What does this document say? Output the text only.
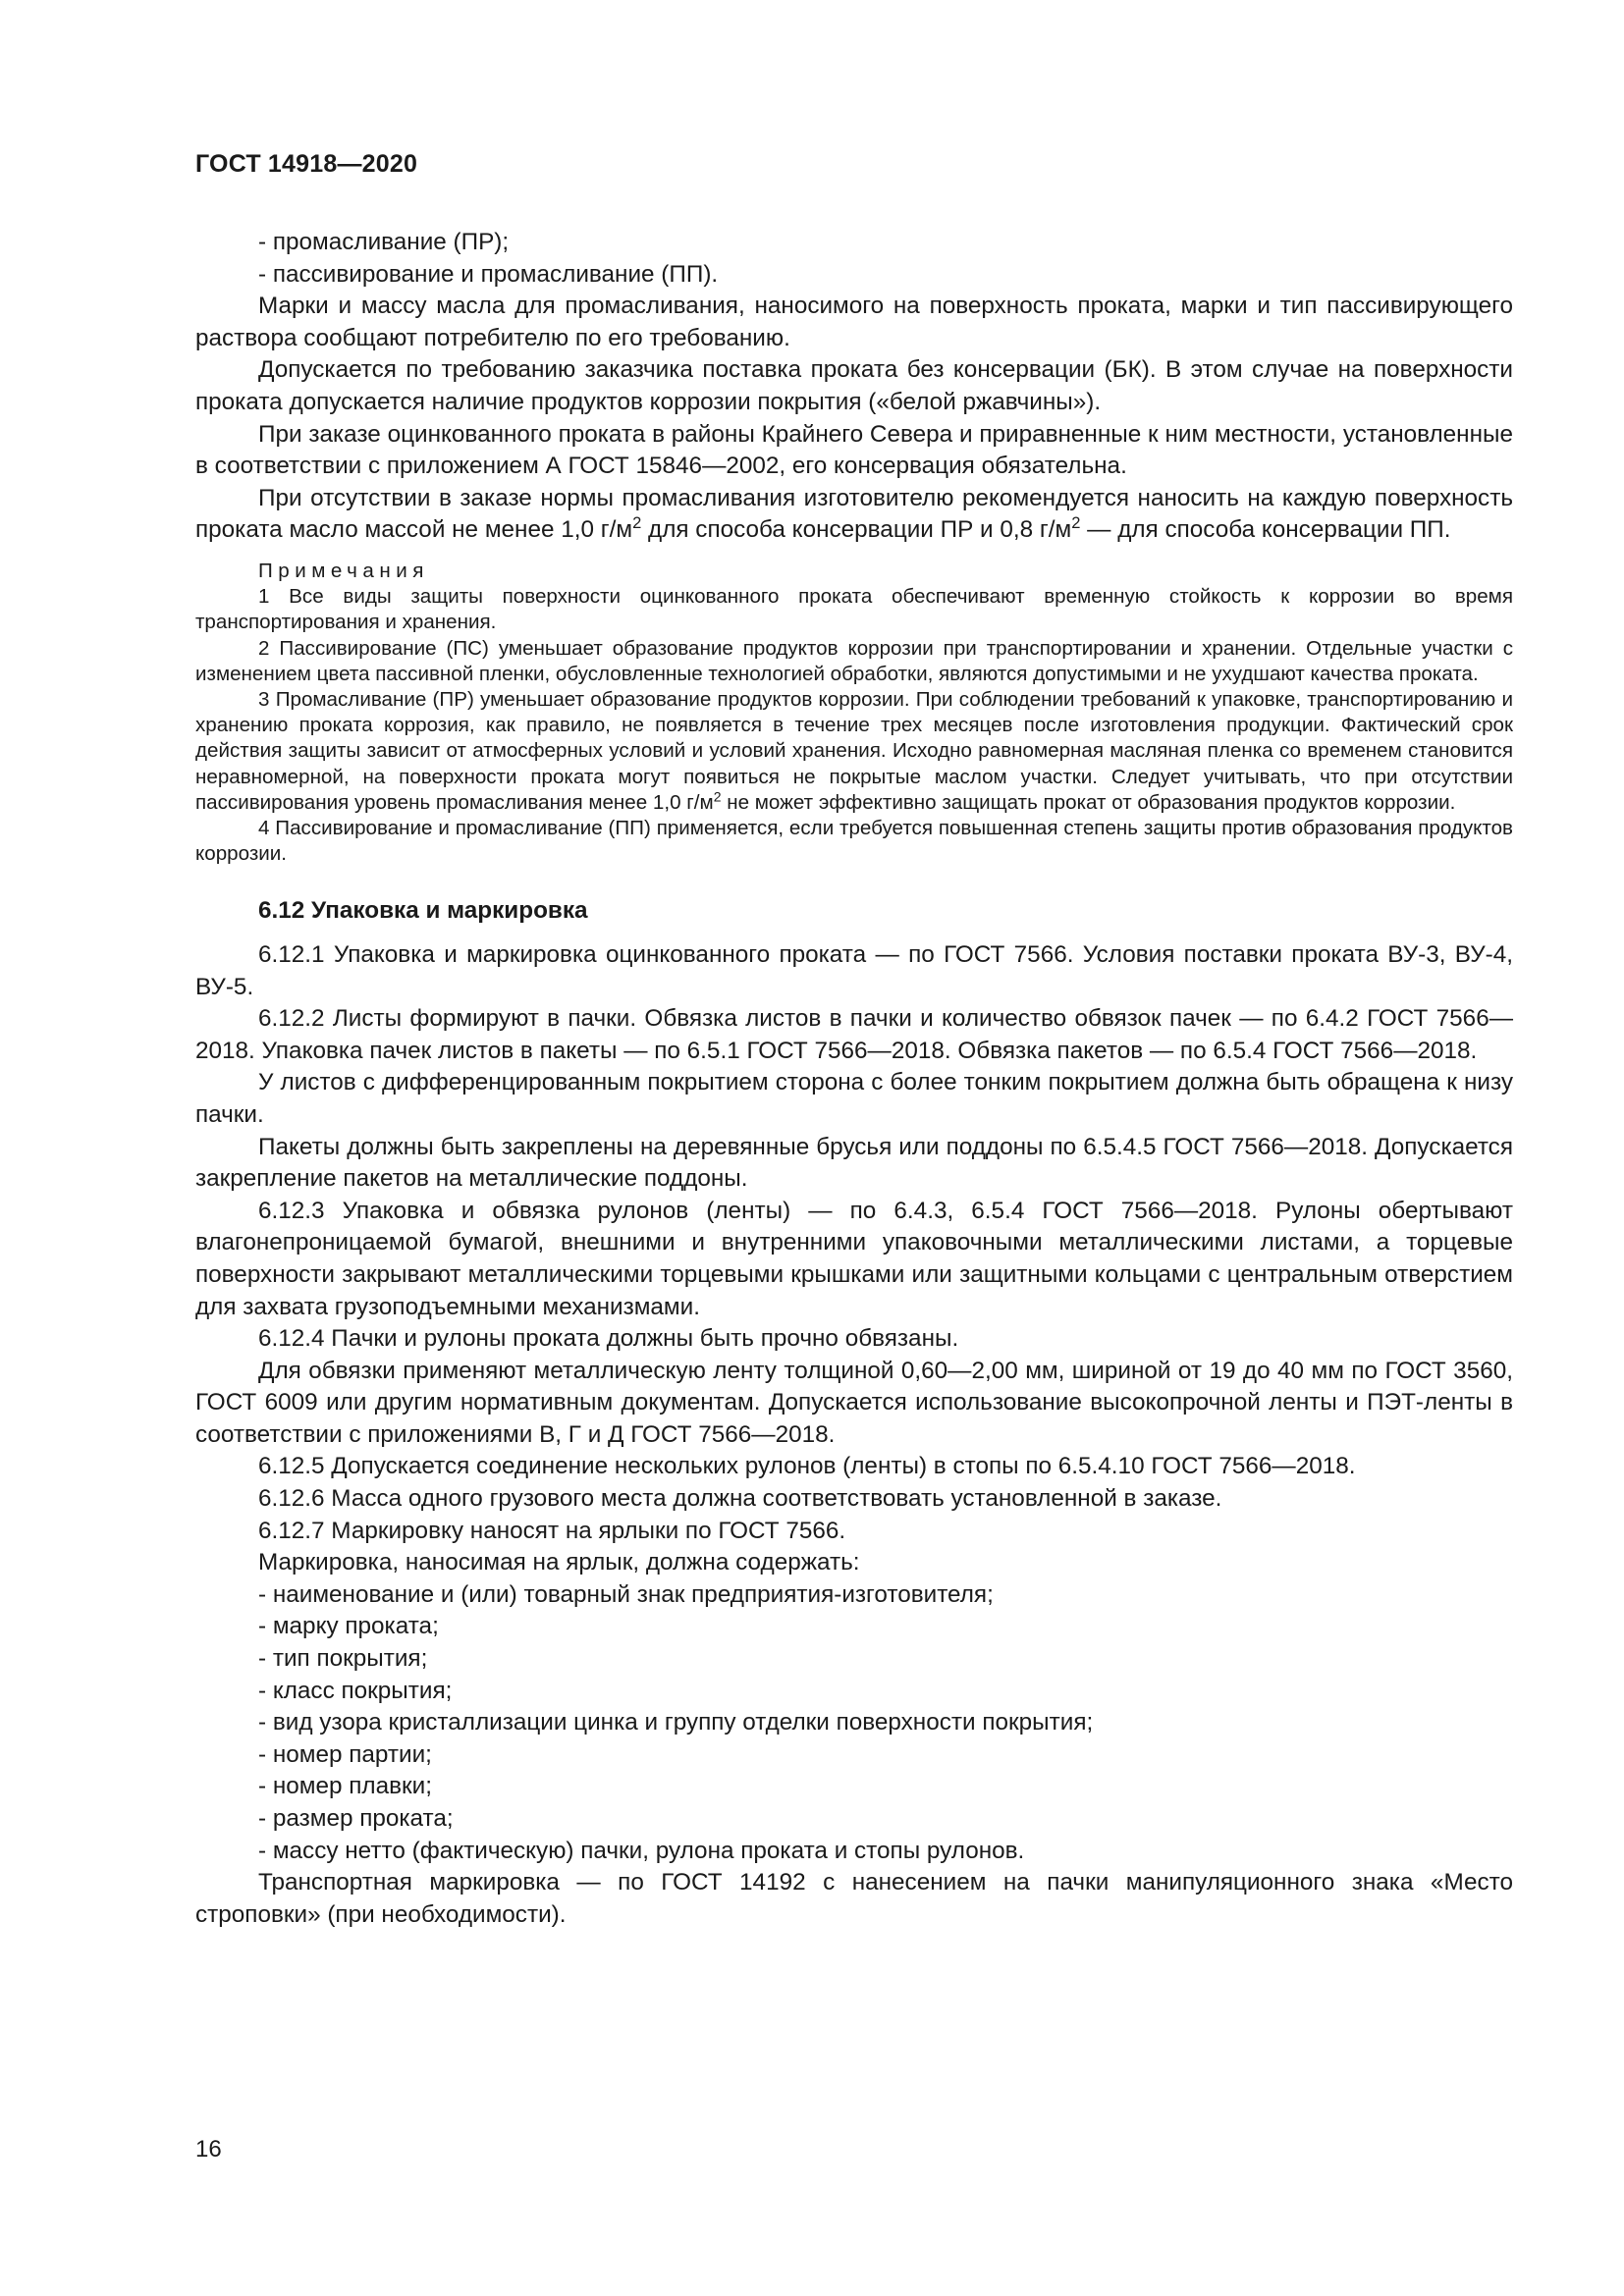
ГОСТ 14918—2020

- промасливание (ПР);

- пассивирование и промасливание (ПП).

Марки и массу масла для промасливания, наносимого на поверхность проката, марки и тип пассивирующего раствора сообщают потребителю по его требованию.

Допускается по требованию заказчика поставка проката без консервации (БК). В этом случае на поверхности проката допускается наличие продуктов коррозии покрытия («белой ржавчины»).

При заказе оцинкованного проката в районы Крайнего Севера и приравненные к ним местности, установленные в соответствии с приложением А ГОСТ 15846—2002, его консервация обязательна.

При отсутствии в заказе нормы промасливания изготовителю рекомендуется наносить на каждую поверхность проката масло массой не менее 1,0 $г/м^2$ для способа консервации ПР и 0,8 $г/м^2$ — для способа консервации ПП.

Примечания

1 Все виды защиты поверхности оцинкованного проката обеспечивают временную стойкость к коррозии во время транспортирования и хранения.

2 Пассивирование (ПС) уменьшает образование продуктов коррозии при транспортировании и хранении. Отдельные участки с изменением цвета пассивной пленки, обусловленные технологией обработки, являются допустимыми и не ухудшают качества проката.

3 Промасливание (ПР) уменьшает образование продуктов коррозии. При соблюдении требований к упаковке, транспортированию и хранению проката коррозия, как правило, не появляется в течение трех месяцев после изготовления продукции. Фактический срок действия защиты зависит от атмосферных условий и условий хранения. Исходно равномерная масляная пленка со временем становится неравномерной, на поверхности проката могут появиться не покрытые маслом участки. Следует учитывать, что при отсутствии пассивирования уровень промасливания менее 1,0 $г/м^2$ не может эффективно защищать прокат от образования продуктов коррозии.

4 Пассивирование и промасливание (ПП) применяется, если требуется повышенная степень защиты против образования продуктов коррозии.

6.12 Упаковка и маркировка

6.12.1 Упаковка и маркировка оцинкованного проката — по ГОСТ 7566. Условия поставки проката ВУ-3, ВУ-4, ВУ-5.

6.12.2 Листы формируют в пачки. Обвязка листов в пачки и количество обвязок пачек — по 6.4.2 ГОСТ 7566—2018. Упаковка пачек листов в пакеты — по 6.5.1 ГОСТ 7566—2018. Обвязка пакетов — по 6.5.4 ГОСТ 7566—2018.

У листов с дифференцированным покрытием сторона с более тонким покрытием должна быть обращена к низу пачки.

Пакеты должны быть закреплены на деревянные брусья или поддоны по 6.5.4.5 ГОСТ 7566—2018. Допускается закрепление пакетов на металлические поддоны.

6.12.3 Упаковка и обвязка рулонов (ленты) — по 6.4.3, 6.5.4 ГОСТ 7566—2018. Рулоны обертывают влагонепроницаемой бумагой, внешними и внутренними упаковочными металлическими листами, а торцевые поверхности закрывают металлическими торцевыми крышками или защитными кольцами с центральным отверстием для захвата грузоподъемными механизмами.

6.12.4 Пачки и рулоны проката должны быть прочно обвязаны.

Для обвязки применяют металлическую ленту толщиной 0,60—2,00 мм, шириной от 19 до 40 мм по ГОСТ 3560, ГОСТ 6009 или другим нормативным документам. Допускается использование высокопрочной ленты и ПЭТ-ленты в соответствии с приложениями В, Г и Д ГОСТ 7566—2018.

6.12.5 Допускается соединение нескольких рулонов (ленты) в стопы по 6.5.4.10 ГОСТ 7566—2018.

6.12.6 Масса одного грузового места должна соответствовать установленной в заказе.

6.12.7 Маркировку наносят на ярлыки по ГОСТ 7566.

Маркировка, наносимая на ярлык, должна содержать:

- наименование и (или) товарный знак предприятия-изготовителя;

- марку проката;

- тип покрытия;

- класс покрытия;

- вид узора кристаллизации цинка и группу отделки поверхности покрытия;

- номер партии;

- номер плавки;

- размер проката;

- массу нетто (фактическую) пачки, рулона проката и стопы рулонов.

Транспортная маркировка — по ГОСТ 14192 с нанесением на пачки манипуляционного знака «Место строповки» (при необходимости).

16
